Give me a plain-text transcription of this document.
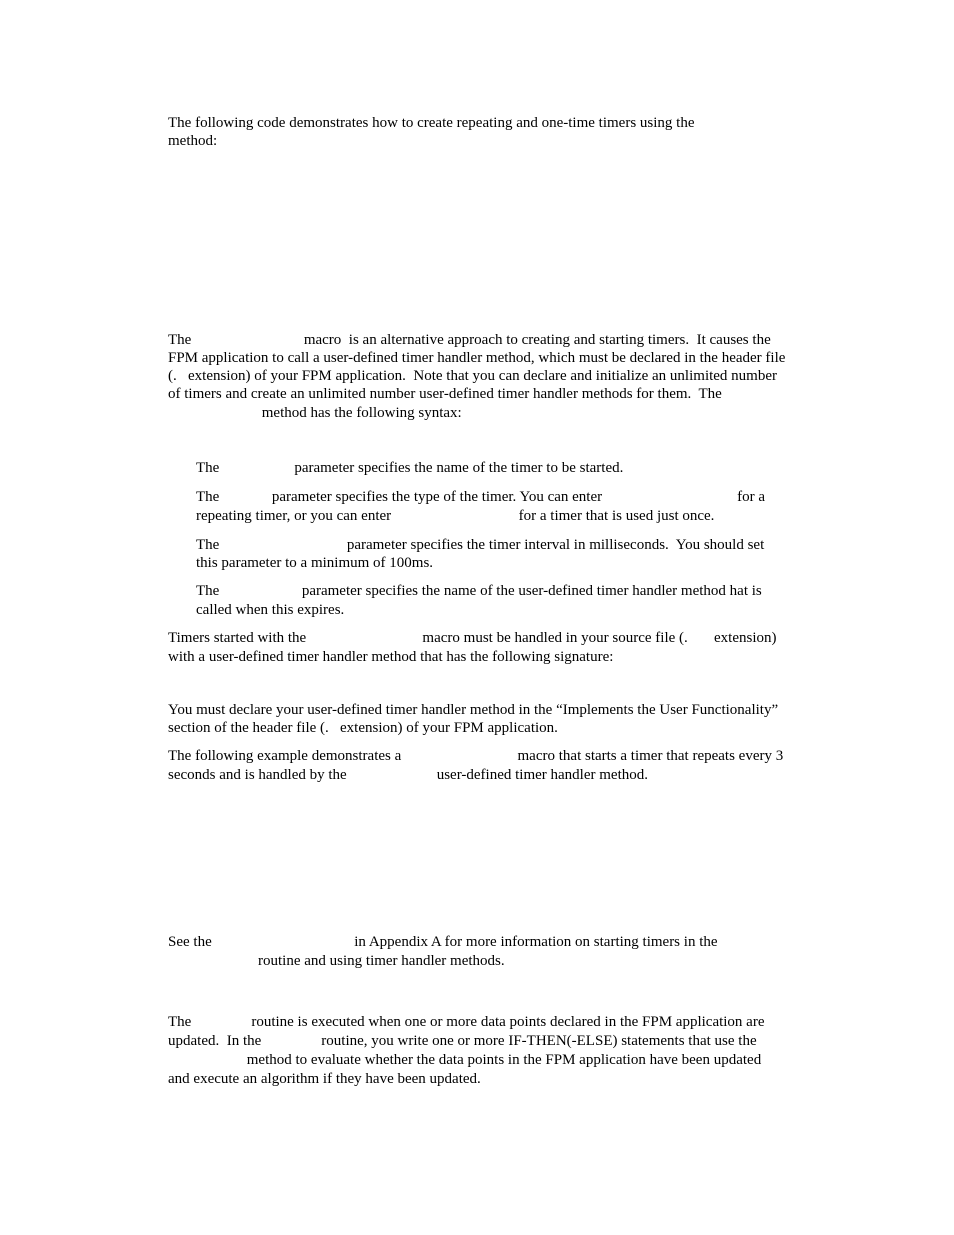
The following code demonstrates how to create repeating and one-time timers using the
method:
The                              macro  is an alternative approach to creating and starting timers.  It causes the
FPM application to call a user-defined timer handler method, which must be declared in the header file
(.   extension) of your FPM application.  Note that you can declare and initialize an unlimited number
of timers and create an unlimited number user-defined timer handler methods for them.  The
method has the following syntax:
The                    parameter specifies the name of the timer to be started.
The              parameter specifies the type of the timer. You can enter                                    for a
repeating timer, or you can enter                                  for a timer that is used just once.
The                                  parameter specifies the timer interval in milliseconds.  You should set
this parameter to a minimum of 100ms.
The                      parameter specifies the name of the user-defined timer handler method hat is
called when this expires.
Timers started with the                               macro must be handled in your source file (.       extension)
with a user-defined timer handler method that has the following signature:
You must declare your user-defined timer handler method in the “Implements the User Functionality”
section of the header file (.   extension) of your FPM application.
The following example demonstrates a                               macro that starts a timer that repeats every 3
seconds and is handled by the                        user-defined timer handler method.
See the                                      in Appendix A for more information on starting timers in the
routine and using timer handler methods.
The                routine is executed when one or more data points declared in the FPM application are
updated.  In the                routine, you write one or more IF-THEN(-ELSE) statements that use the
method to evaluate whether the data points in the FPM application have been updated
and execute an algorithm if they have been updated.
